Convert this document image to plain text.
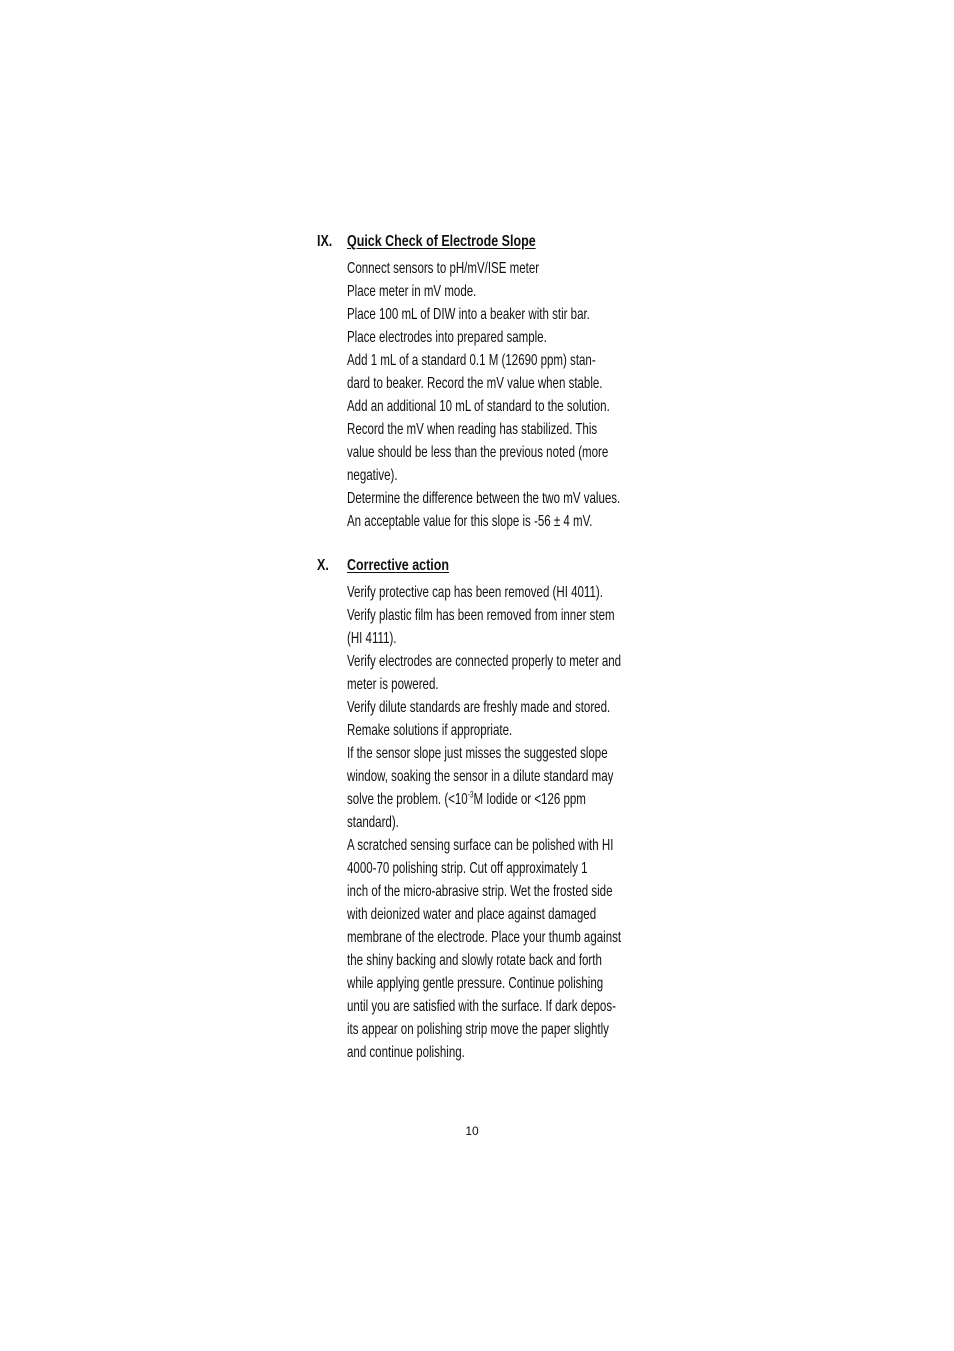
IX. Quick Check of Electrode Slope
Connect sensors to pH/mV/ISE meter
Place meter in mV mode.
Place 100 mL of DIW into a beaker with stir bar.
Place electrodes into prepared sample.
Add 1 mL of a standard 0.1 M (12690 ppm) stan-
dard to beaker. Record the mV value when stable.
Add an additional 10 mL of standard to the solution.
Record the mV when reading has stabilized. This
value should be less than the previous noted (more
negative).
Determine the difference between the two mV values.
An acceptable value for this slope is -56 ± 4 mV.
X.	Corrective action
Verify protective cap has been removed (HI 4011).
Verify plastic film has been removed from inner stem
(HI 4111).
Verify electrodes are connected properly to meter and
meter is powered.
Verify dilute standards are freshly made and stored.
Remake solutions if appropriate.
If the sensor slope just misses the suggested slope
window, soaking the sensor in a dilute standard may
solve the problem. ($<10^{-3}M$ Iodide or <126 ppm
standard).
A scratched sensing surface can be polished with HI
4000-70 polishing strip. Cut off approximately 1
inch of the micro-abrasive strip. Wet the frosted side
with deionized water and place against damaged
membrane of the electrode. Place your thumb against
the shiny backing and slowly rotate back and forth
while applying gentle pressure. Continue polishing
until you are satisfied with the surface. If dark depos-
its appear on polishing strip move the paper slightly
and continue polishing.
10
